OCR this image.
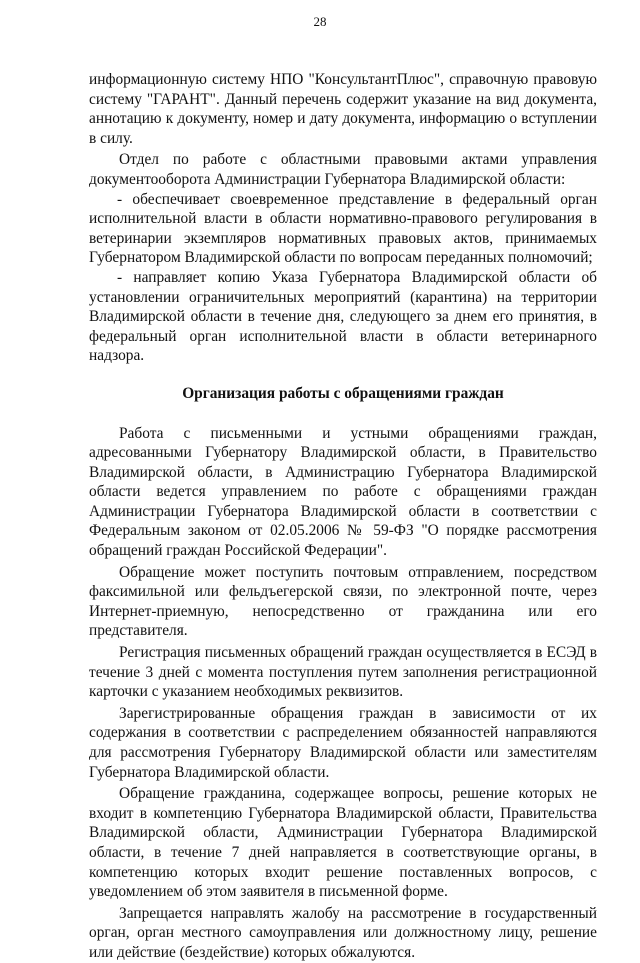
28

информационную систему НПО "КонсультантПлюс", справочную правовую систему "ГАРАНТ". Данный перечень содержит указание на вид документа, аннотацию к документу, номер и дату документа, информацию о вступлении в силу.

Отдел по работе с областными правовыми актами управления документооборота Администрации Губернатора Владимирской области:

- обеспечивает своевременное представление в федеральный орган исполнительной власти в области нормативно-правового регулирования в ветеринарии экземпляров нормативных правовых актов, принимаемых Губернатором Владимирской области по вопросам переданных полномочий;

- направляет копию Указа Губернатора Владимирской области об установлении ограничительных мероприятий (карантина) на территории Владимирской области в течение дня, следующего за днем его принятия, в федеральный орган исполнительной власти в области ветеринарного надзора.

Организация работы с обращениями граждан

Работа с письменными и устными обращениями граждан, адресованными Губернатору Владимирской области, в Правительство Владимирской области, в Администрацию Губернатора Владимирской области ведется управлением по работе с обращениями граждан Администрации Губернатора Владимирской области в соответствии с Федеральным законом от 02.05.2006 № 59-ФЗ "О порядке рассмотрения обращений граждан Российской Федерации".

Обращение может поступить почтовым отправлением, посредством факсимильной или фельдъегерской связи, по электронной почте, через Интернет-приемную, непосредственно от гражданина или его представителя.

Регистрация письменных обращений граждан осуществляется в ЕСЭД в течение 3 дней с момента поступления путем заполнения регистрационной карточки с указанием необходимых реквизитов.

Зарегистрированные обращения граждан в зависимости от их содержания в соответствии с распределением обязанностей направляются для рассмотрения Губернатору Владимирской области или заместителям Губернатора Владимирской области.

Обращение гражданина, содержащее вопросы, решение которых не входит в компетенцию Губернатора Владимирской области, Правительства Владимирской области, Администрации Губернатора Владимирской области, в течение 7 дней направляется в соответствующие органы, в компетенцию которых входит решение поставленных вопросов, с уведомлением об этом заявителя в письменной форме.

Запрещается направлять жалобу на рассмотрение в государственный орган, орган местного самоуправления или должностному лицу, решение или действие (бездействие) которых обжалуются.
